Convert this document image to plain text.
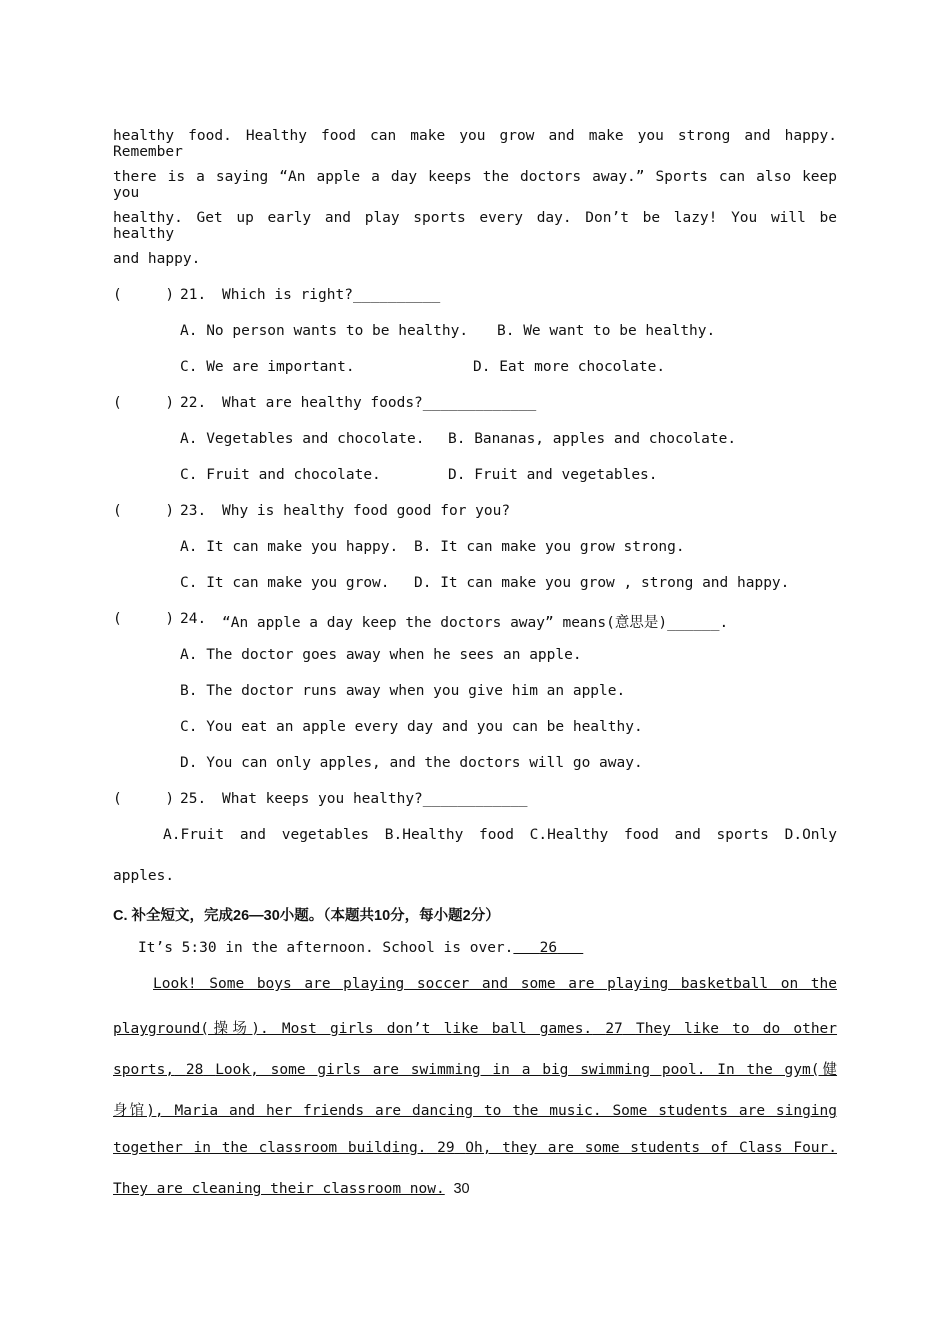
healthy food. Healthy food can make you grow and make you strong and happy. Remember
there is a saying “An apple a day keeps the doctors away.” Sports can also keep you
healthy. Get up early and play sports every day. Don’t be lazy! You will be healthy
and happy.
(     ) 21. Which is right?__________
A. No person wants to be healthy. B. We want to be healthy.
C. We are important.	D. Eat more chocolate.
(     ) 22. What are healthy foods?_____________
A. Vegetables and chocolate. B. Bananas, apples and chocolate.
C. Fruit and chocolate.	D. Fruit and vegetables.
(     ) 23. Why is healthy food good for you?
A. It can make you happy. B. It can make you grow strong.
C. It can make you grow. D. It can make you grow , strong and happy.
(     ) 24. “An apple a day keep the doctors away” means(意思是)______.
A. The doctor goes away when he sees an apple.
B. The doctor runs away when you give him an apple.
C. You eat an apple every day and you can be healthy.
D. You can only apples, and the doctors will go away.
(     ) 25. What keeps you healthy?____________
A.Fruit and vegetables B.Healthy food C.Healthy food and sports D.Only
apples.
C. 补全短文，完成26—30小题。（本题共10分，每小题2分）
It’s 5:30 in the afternoon. School is over. 26
Look! Some boys are playing soccer and some are playing basketball on the
playground(操场). Most girls don’t like ball games. 27 They like to do other
sports, 28 Look, some girls are swimming in a big swimming pool. In the gym(健
身馆), Maria and her friends are dancing to the music. Some students are singing
together in the classroom building. 29 Oh, they are some students of Class Four.
They are cleaning their classroom now. 30
